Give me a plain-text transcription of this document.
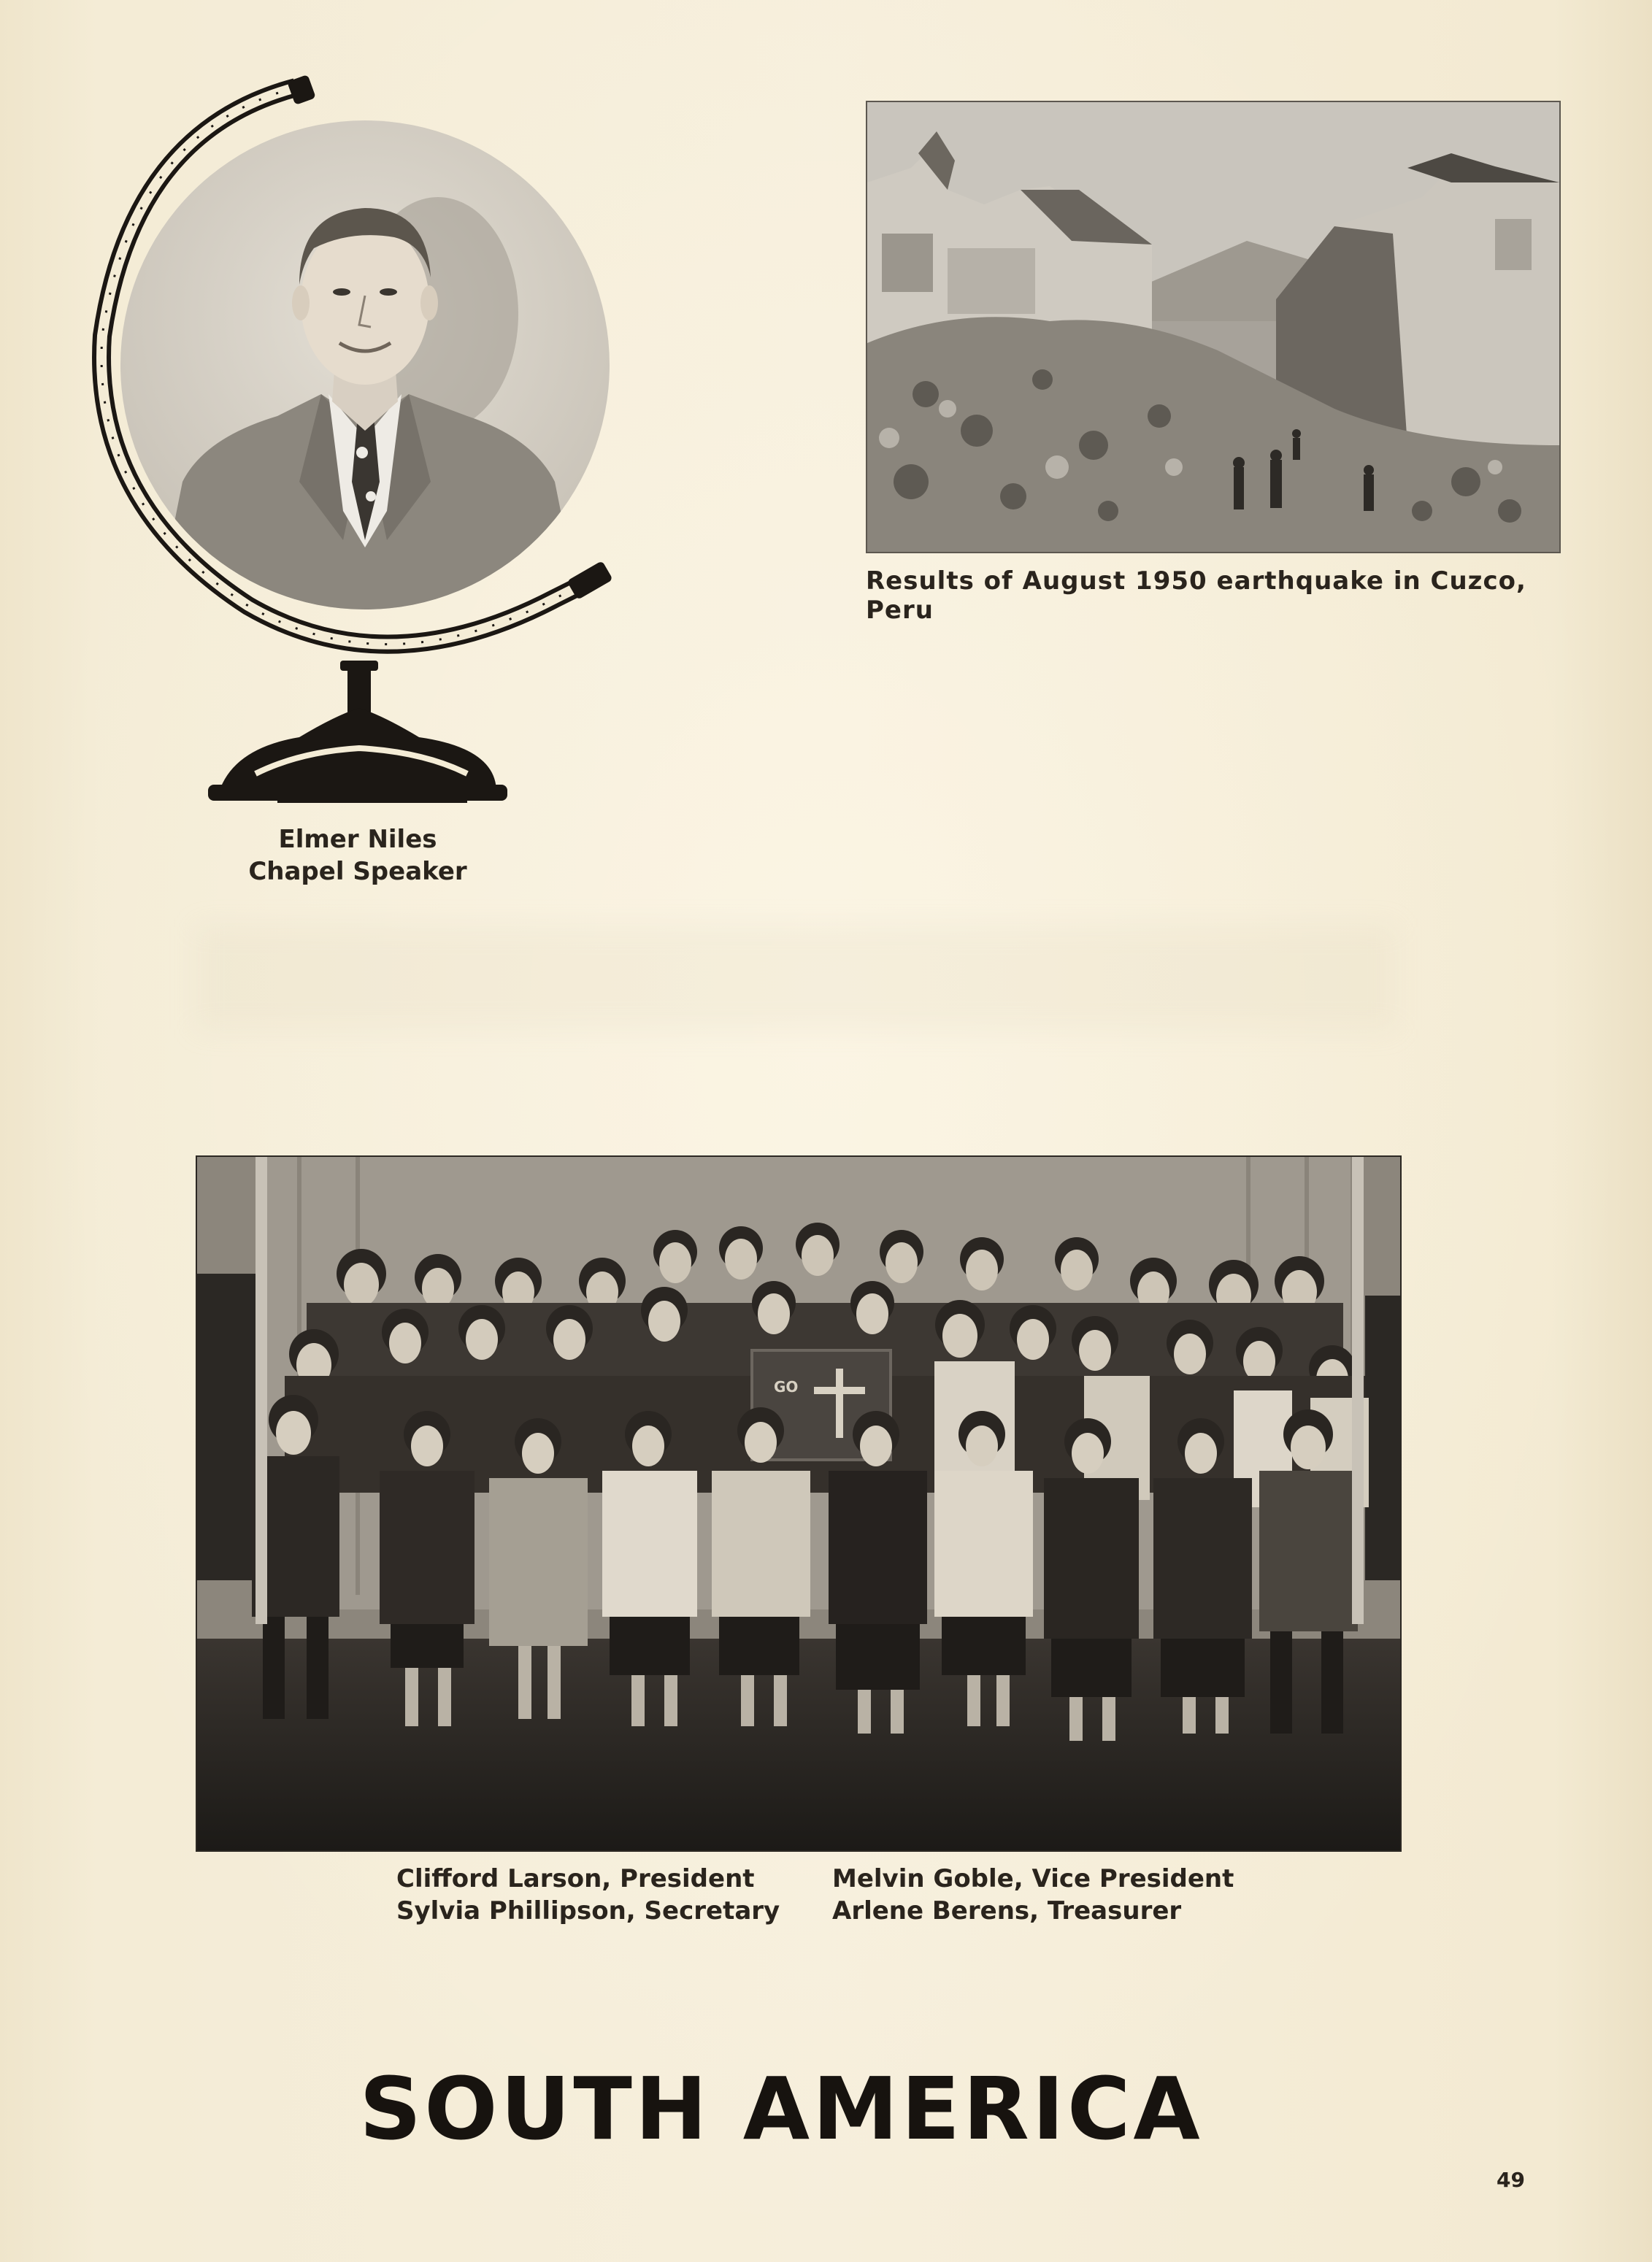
Elmer Niles
Chapel Speaker
Results of August 1950 earthquake in Cuzco, Peru
GO
Clifford Larson, President
Sylvia Phillipson, Secretary
Melvin Goble, Vice President
Arlene Berens, Treasurer
SOUTH AMERICA
49
